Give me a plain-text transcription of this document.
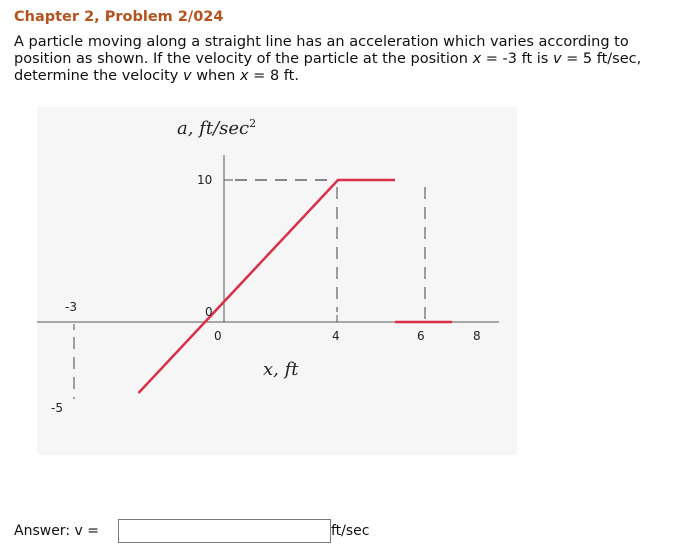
Chapter 2, Problem 2/024
A particle moving along a straight line has an acceleration which varies according to position as shown. If the velocity of the particle at the position x = -3 ft is v = 5 ft/sec, determine the velocity v when x = 8 ft.
a, $ft/\sec^2$
x, ft
10
0
0	4	6	8
-3
-5
Answer: v =	ft/sec
